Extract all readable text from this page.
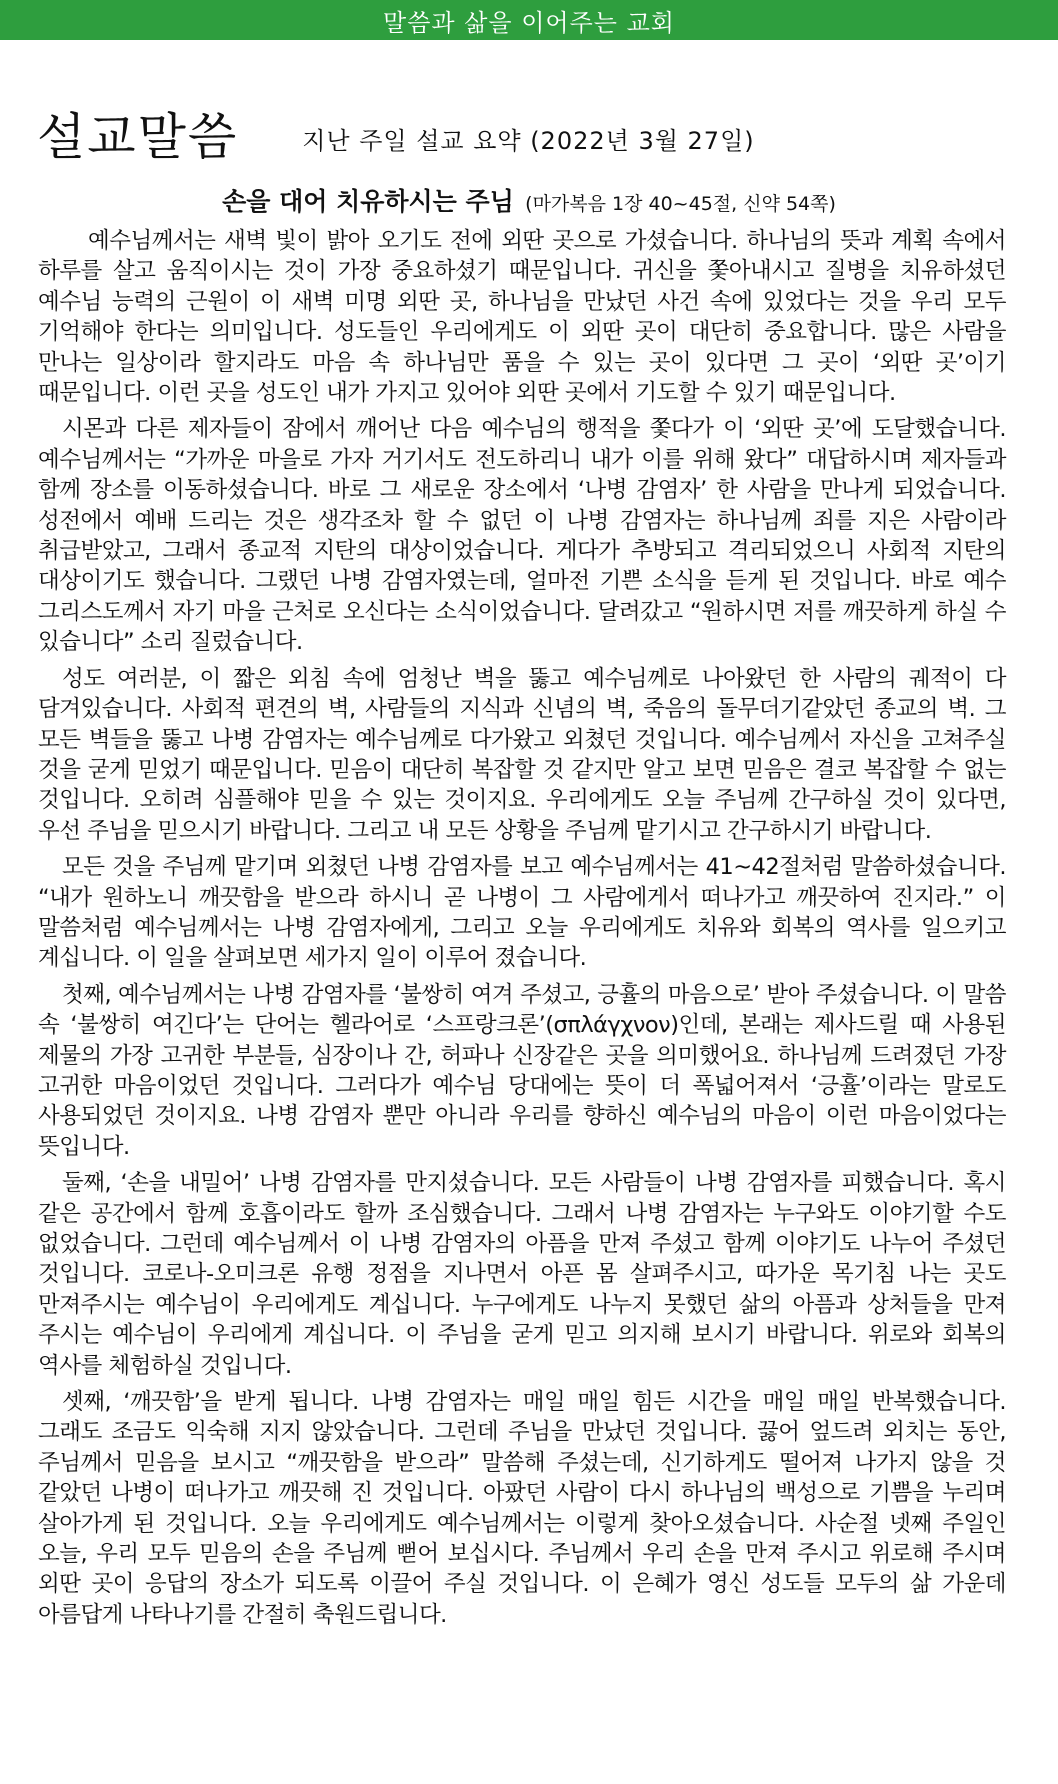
말씀과 삶을 이어주는 교회
설교말씀	지난 주일 설교 요약 (2022년 3월 27일)
손을 대어 치유하시는 주님 (마가복음 1장 40~45절, 신약 54쪽)

예수님께서는 새벽 빛이 밝아 오기도 전에 외딴 곳으로 가셨습니다. 하나님의 뜻과 계획 속에서 하루를 살고 움직이시는 것이 가장 중요하셨기 때문입니다. 귀신을 쫓아내시고 질병을 치유하셨던 예수님 능력의 근원이 이 새벽 미명 외딴 곳, 하나님을 만났던 사건 속에 있었다는 것을 우리 모두 기억해야 한다는 의미입니다. 성도들인 우리에게도 이 외딴 곳이 대단히 중요합니다. 많은 사람을 만나는 일상이라 할지라도 마음 속 하나님만 품을 수 있는 곳이 있다면 그 곳이 ‘외딴 곳’이기 때문입니다. 이런 곳을 성도인 내가 가지고 있어야 외딴 곳에서 기도할 수 있기 때문입니다.

시몬과 다른 제자들이 잠에서 깨어난 다음 예수님의 행적을 쫓다가 이 ‘외딴 곳’에 도달했습니다. 예수님께서는 “가까운 마을로 가자 거기서도 전도하리니 내가 이를 위해 왔다” 대답하시며 제자들과 함께 장소를 이동하셨습니다. 바로 그 새로운 장소에서 ‘나병 감염자’ 한 사람을 만나게 되었습니다. 성전에서 예배 드리는 것은 생각조차 할 수 없던 이 나병 감염자는 하나님께 죄를 지은 사람이라 취급받았고, 그래서 종교적 지탄의 대상이었습니다. 게다가 추방되고 격리되었으니 사회적 지탄의 대상이기도 했습니다. 그랬던 나병 감염자였는데, 얼마전 기쁜 소식을 듣게 된 것입니다. 바로 예수 그리스도께서 자기 마을 근처로 오신다는 소식이었습니다. 달려갔고 “원하시면 저를 깨끗하게 하실 수 있습니다” 소리 질렀습니다.

성도 여러분, 이 짧은 외침 속에 엄청난 벽을 뚫고 예수님께로 나아왔던 한 사람의 궤적이 다 담겨있습니다. 사회적 편견의 벽, 사람들의 지식과 신념의 벽, 죽음의 돌무더기같았던 종교의 벽. 그 모든 벽들을 뚫고 나병 감염자는 예수님께로 다가왔고 외쳤던 것입니다. 예수님께서 자신을 고쳐주실 것을 굳게 믿었기 때문입니다. 믿음이 대단히 복잡할 것 같지만 알고 보면 믿음은 결코 복잡할 수 없는 것입니다. 오히려 심플해야 믿을 수 있는 것이지요. 우리에게도 오늘 주님께 간구하실 것이 있다면, 우선 주님을 믿으시기 바랍니다. 그리고 내 모든 상황을 주님께 맡기시고 간구하시기 바랍니다.

모든 것을 주님께 맡기며 외쳤던 나병 감염자를 보고 예수님께서는 41~42절처럼 말씀하셨습니다. “내가 원하노니 깨끗함을 받으라 하시니 곧 나병이 그 사람에게서 떠나가고 깨끗하여 진지라.” 이 말씀처럼 예수님께서는 나병 감염자에게, 그리고 오늘 우리에게도 치유와 회복의 역사를 일으키고 계십니다. 이 일을 살펴보면 세가지 일이 이루어 졌습니다.

첫째, 예수님께서는 나병 감염자를 ‘불쌍히 여겨 주셨고, 긍휼의 마음으로’ 받아 주셨습니다. 이 말씀 속 ‘불쌍히 여긴다’는 단어는 헬라어로 ‘스프랑크론’(σπλάγχνον)인데, 본래는 제사드릴 때 사용된 제물의 가장 고귀한 부분들, 심장이나 간, 허파나 신장같은 곳을 의미했어요. 하나님께 드려졌던 가장 고귀한 마음이었던 것입니다. 그러다가 예수님 당대에는 뜻이 더 폭넓어져서 ‘긍휼’이라는 말로도 사용되었던 것이지요. 나병 감염자 뿐만 아니라 우리를 향하신 예수님의 마음이 이런 마음이었다는 뜻입니다.

둘째, ‘손을 내밀어’ 나병 감염자를 만지셨습니다. 모든 사람들이 나병 감염자를 피했습니다. 혹시 같은 공간에서 함께 호흡이라도 할까 조심했습니다. 그래서 나병 감염자는 누구와도 이야기할 수도 없었습니다. 그런데 예수님께서 이 나병 감염자의 아픔을 만져 주셨고 함께 이야기도 나누어 주셨던 것입니다. 코로나-오미크론 유행 정점을 지나면서 아픈 몸 살펴주시고, 따가운 목기침 나는 곳도 만져주시는 예수님이 우리에게도 계십니다. 누구에게도 나누지 못했던 삶의 아픔과 상처들을 만져 주시는 예수님이 우리에게 계십니다. 이 주님을 굳게 믿고 의지해 보시기 바랍니다. 위로와 회복의 역사를 체험하실 것입니다.

셋째, ‘깨끗함’을 받게 됩니다. 나병 감염자는 매일 매일 힘든 시간을 매일 매일 반복했습니다. 그래도 조금도 익숙해 지지 않았습니다. 그런데 주님을 만났던 것입니다. 끓어 엎드려 외치는 동안, 주님께서 믿음을 보시고 “깨끗함을 받으라” 말씀해 주셨는데, 신기하게도 떨어져 나가지 않을 것 같았던 나병이 떠나가고 깨끗해 진 것입니다. 아팠던 사람이 다시 하나님의 백성으로 기쁨을 누리며 살아가게 된 것입니다. 오늘 우리에게도 예수님께서는 이렇게 찾아오셨습니다. 사순절 넷째 주일인 오늘, 우리 모두 믿음의 손을 주님께 뻗어 보십시다. 주님께서 우리 손을 만져 주시고 위로해 주시며 외딴 곳이 응답의 장소가 되도록 이끌어 주실 것입니다. 이 은혜가 영신 성도들 모두의 삶 가운데 아름답게 나타나기를 간절히 축원드립니다.
